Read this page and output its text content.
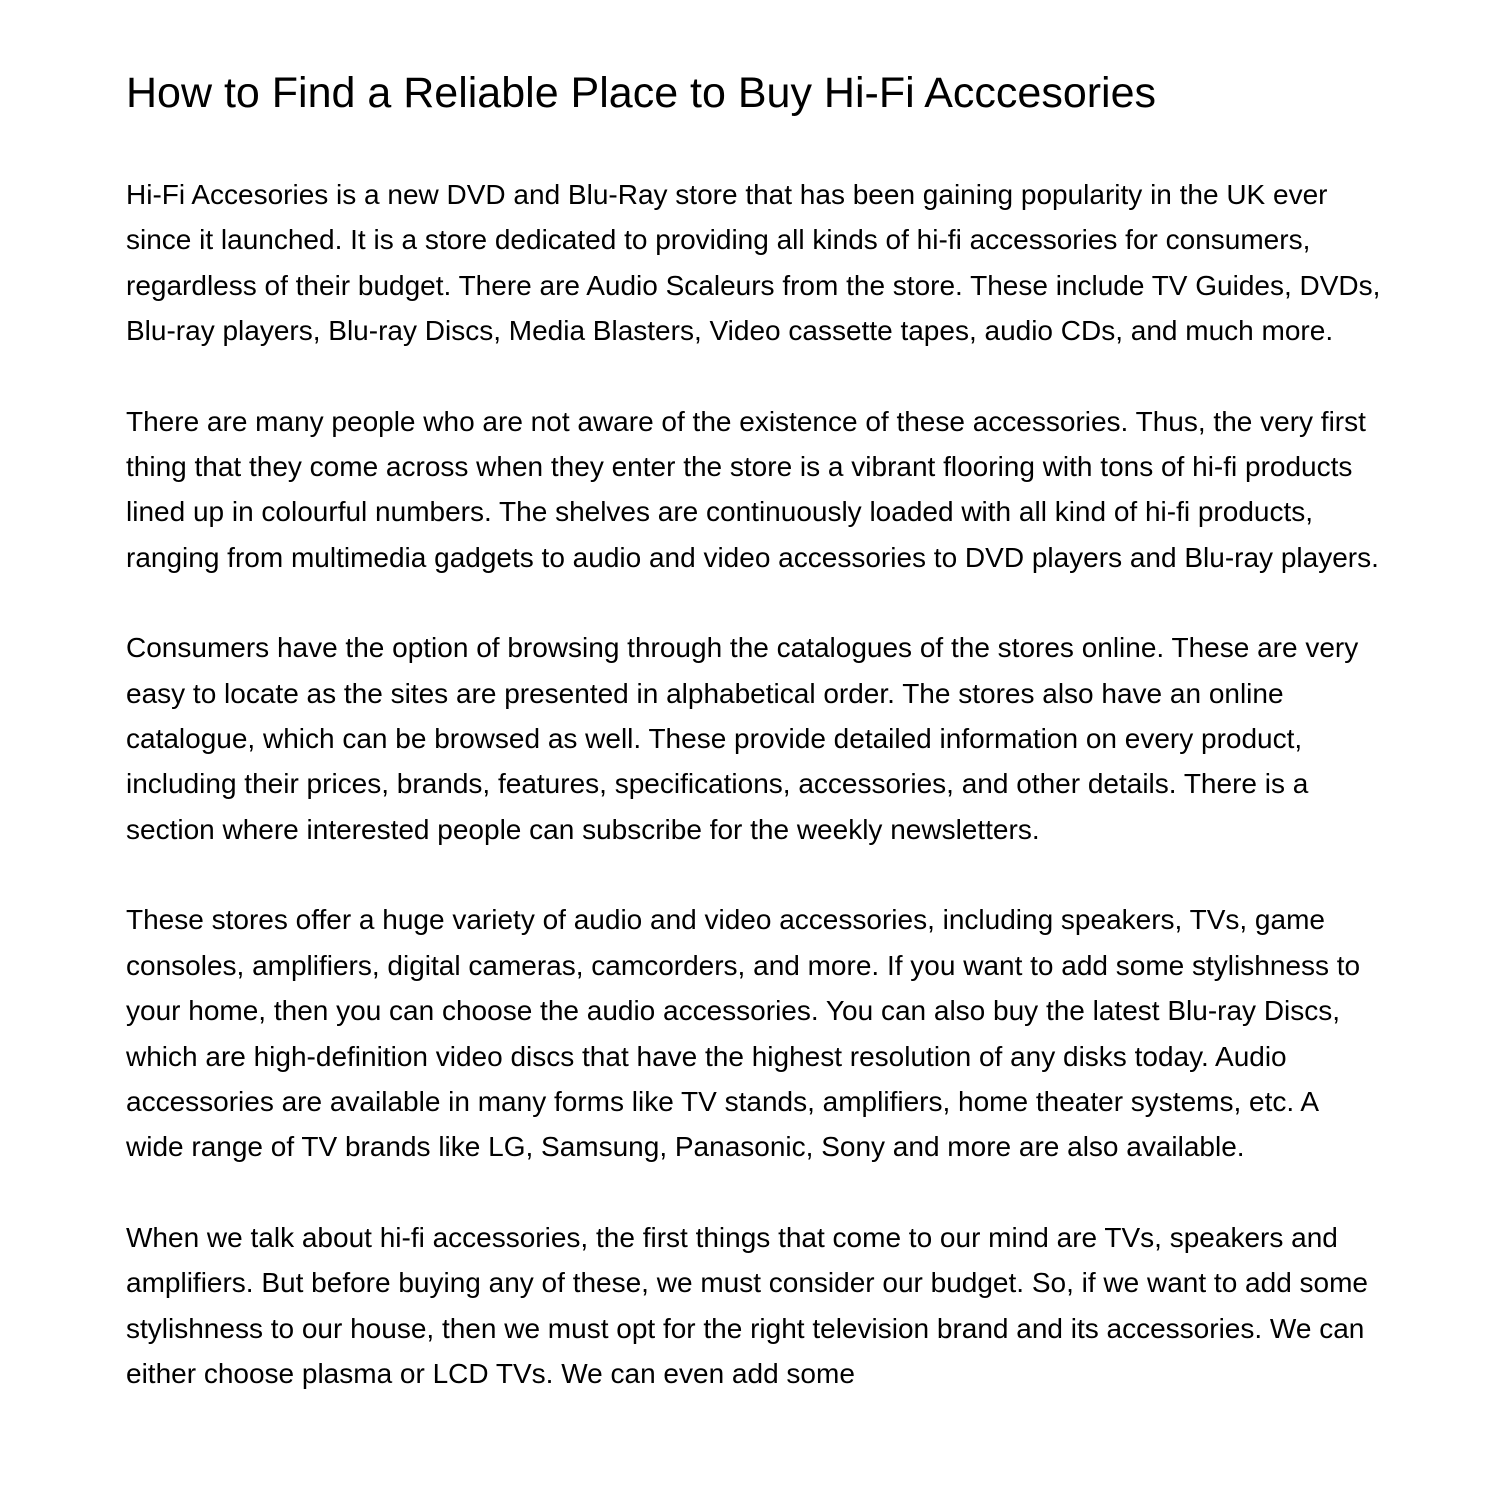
How to Find a Reliable Place to Buy Hi-Fi Acccesories

Hi-Fi Accesories is a new DVD and Blu-Ray store that has been gaining popularity in the UK ever since it launched. It is a store dedicated to providing all kinds of hi-fi accessories for consumers, regardless of their budget. There are Audio Scaleurs from the store. These include TV Guides, DVDs, Blu-ray players, Blu-ray Discs, Media Blasters, Video cassette tapes, audio CDs, and much more.

There are many people who are not aware of the existence of these accessories. Thus, the very first thing that they come across when they enter the store is a vibrant flooring with tons of hi-fi products lined up in colourful numbers. The shelves are continuously loaded with all kind of hi-fi products, ranging from multimedia gadgets to audio and video accessories to DVD players and Blu-ray players.

Consumers have the option of browsing through the catalogues of the stores online. These are very easy to locate as the sites are presented in alphabetical order. The stores also have an online catalogue, which can be browsed as well. These provide detailed information on every product, including their prices, brands, features, specifications, accessories, and other details. There is a section where interested people can subscribe for the weekly newsletters.

These stores offer a huge variety of audio and video accessories, including speakers, TVs, game consoles, amplifiers, digital cameras, camcorders, and more. If you want to add some stylishness to your home, then you can choose the audio accessories. You can also buy the latest Blu-ray Discs, which are high-definition video discs that have the highest resolution of any disks today. Audio accessories are available in many forms like TV stands, amplifiers, home theater systems, etc. A wide range of TV brands like LG, Samsung, Panasonic, Sony and more are also available.

When we talk about hi-fi accessories, the first things that come to our mind are TVs, speakers and amplifiers. But before buying any of these, we must consider our budget. So, if we want to add some stylishness to our house, then we must opt for the right television brand and its accessories. We can either choose plasma or LCD TVs. We can even add some
